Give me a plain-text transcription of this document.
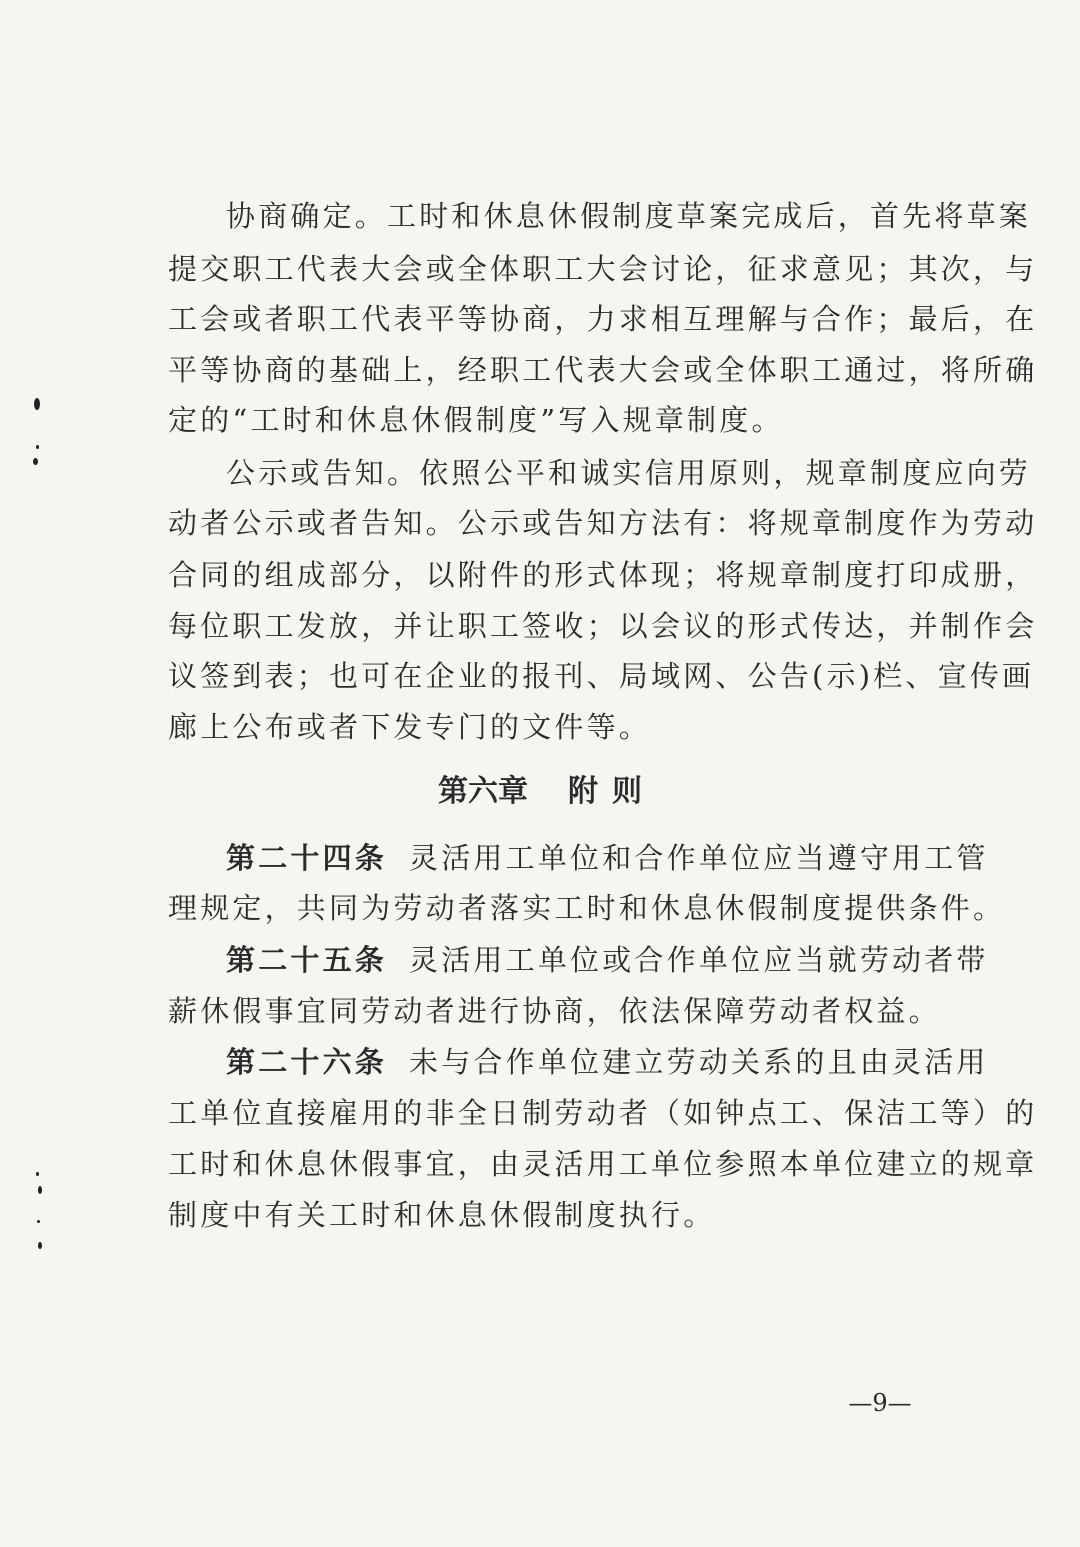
协商确定。工时和休息休假制度草案完成后，首先将草案
提交职工代表大会或全体职工大会讨论，征求意见；其次，与
工会或者职工代表平等协商，力求相互理解与合作；最后，在
平等协商的基础上，经职工代表大会或全体职工通过，将所确
定的“工时和休息休假制度”写入规章制度。
公示或告知。依照公平和诚实信用原则，规章制度应向劳
动者公示或者告知。公示或告知方法有：将规章制度作为劳动
合同的组成部分，以附件的形式体现；将规章制度打印成册，
每位职工发放，并让职工签收；以会议的形式传达，并制作会
议签到表；也可在企业的报刊、局域网、公告(示)栏、宣传画
廊上公布或者下发专门的文件等。
第六章 附 则
第二十四条 灵活用工单位和合作单位应当遵守用工管
理规定，共同为劳动者落实工时和休息休假制度提供条件。
第二十五条 灵活用工单位或合作单位应当就劳动者带
薪休假事宜同劳动者进行协商，依法保障劳动者权益。
第二十六条 未与合作单位建立劳动关系的且由灵活用
工单位直接雇用的非全日制劳动者（如钟点工、保洁工等）的
工时和休息休假事宜，由灵活用工单位参照本单位建立的规章
制度中有关工时和休息休假制度执行。
—9—
